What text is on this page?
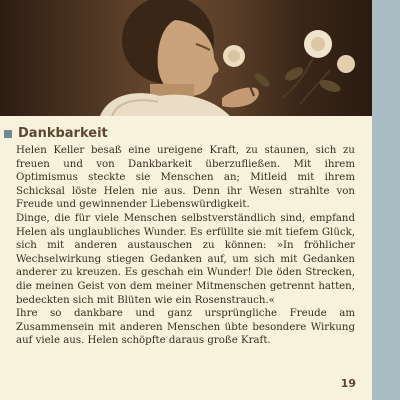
Dankbarkeit

Helen Keller besaß eine ureigene Kraft, zu staunen, sich zu freuen und von Dankbarkeit überzufließen. Mit ihrem Optimismus steckte sie Menschen an; Mitleid mit ihrem Schicksal löste Helen nie aus. Denn ihr Wesen strahlte von Freude und gewinnender Liebenswürdigkeit.

Dinge, die für viele Menschen selbstverständlich sind, empfand Helen als unglaubliches Wunder. Es erfüllte sie mit tiefem Glück, sich mit anderen austauschen zu können: »In fröhlicher Wechselwirkung stiegen Gedanken auf, um sich mit Gedanken anderer zu kreuzen. Es geschah ein Wunder! Die öden Strecken, die meinen Geist von dem meiner Mitmenschen getrennt hatten, bedeckten sich mit Blüten wie ein Rosenstrauch.«

Ihre so dankbare und ganz ursprüngliche Freude am Zusammensein mit anderen Menschen übte besondere Wirkung auf viele aus. Helen schöpfte daraus große Kraft.

19
